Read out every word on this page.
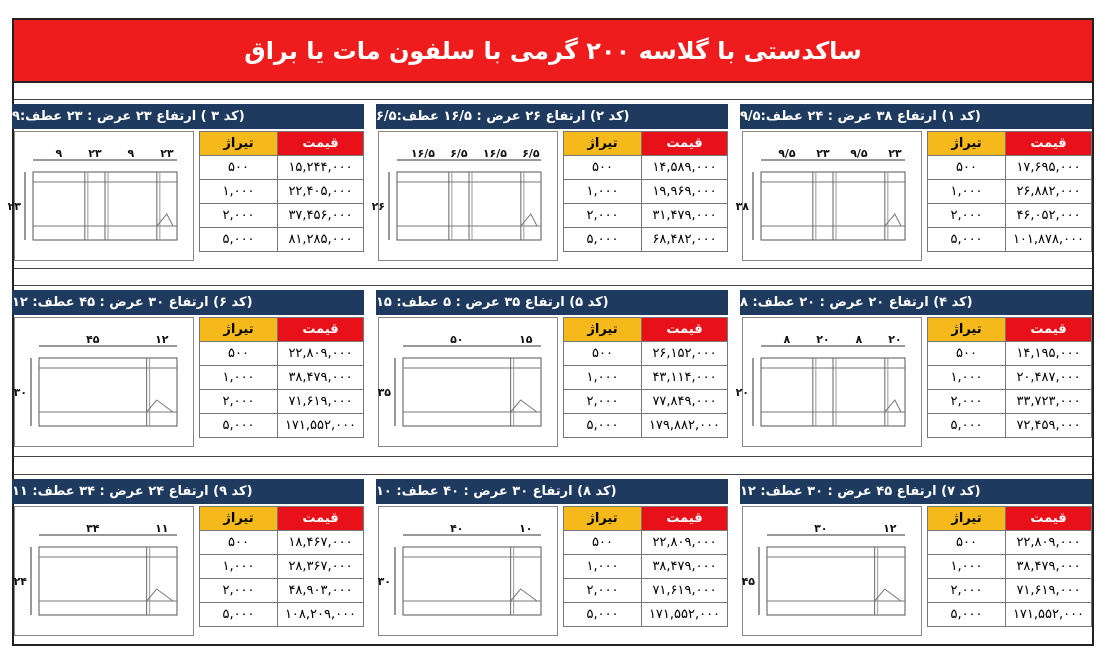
ساکدستی با گلاسه ۲۰۰ گرمی با سلفون مات یا براق
(کد ۱) ارتفاع ۳۸ عرض : ۲۴ عطف:۹/۵
۹/۵ ۲۳ ۹/۵ ۲۳
۳۸
تیراژ	قیمت
۵۰۰	۱۷,۶۹۵,۰۰۰
۱,۰۰۰	۲۶,۸۸۲,۰۰۰
۲,۰۰۰	۴۶,۰۵۲,۰۰۰
۵,۰۰۰	۱۰۱,۸۷۸,۰۰۰
(کد ۲) ارتفاع ۲۶ عرض : ۱۶/۵ عطف:۶/۵
۱۶/۵ ۶/۵ ۱۶/۵ ۶/۵
۲۶
تیراژ	قیمت
۵۰۰	۱۴,۵۸۹,۰۰۰
۱,۰۰۰	۱۹,۹۶۹,۰۰۰
۲,۰۰۰	۳۱,۴۷۹,۰۰۰
۵,۰۰۰	۶۸,۴۸۲,۰۰۰
(کد ۳ ) ارتفاع ۲۳ عرض : ۲۳ عطف:۹
۹ ۲۳ ۹ ۲۳
۲۳
تیراژ	قیمت
۵۰۰	۱۵,۲۴۴,۰۰۰
۱,۰۰۰	۲۲,۴۰۵,۰۰۰
۲,۰۰۰	۳۷,۴۵۶,۰۰۰
۵,۰۰۰	۸۱,۲۸۵,۰۰۰
(کد ۴) ارتفاع ۲۰ عرض : ۲۰ عطف: ۸
۸ ۲۰ ۸ ۲۰
۲۰
تیراژ	قیمت
۵۰۰	۱۴,۱۹۵,۰۰۰
۱,۰۰۰	۲۰,۴۸۷,۰۰۰
۲,۰۰۰	۳۳,۷۲۳,۰۰۰
۵,۰۰۰	۷۲,۴۵۹,۰۰۰
(کد ۵) ارتفاع ۳۵ عرض : ۵ عطف: ۱۵
۵۰	۱۵
۳۵
تیراژ	قیمت
۵۰۰	۲۶,۱۵۲,۰۰۰
۱,۰۰۰	۴۳,۱۱۴,۰۰۰
۲,۰۰۰	۷۷,۸۴۹,۰۰۰
۵,۰۰۰	۱۷۹,۸۸۲,۰۰۰
(کد ۶) ارتفاع ۳۰ عرض : ۴۵ عطف: ۱۲
۴۵	۱۲
۳۰
تیراژ	قیمت
۵۰۰	۲۲,۸۰۹,۰۰۰
۱,۰۰۰	۳۸,۴۷۹,۰۰۰
۲,۰۰۰	۷۱,۶۱۹,۰۰۰
۵,۰۰۰	۱۷۱,۵۵۲,۰۰۰
(کد ۷) ارتفاع ۴۵ عرض : ۳۰ عطف: ۱۲
۳۰	۱۲
۴۵
تیراژ	قیمت
۵۰۰	۲۲,۸۰۹,۰۰۰
۱,۰۰۰	۳۸,۴۷۹,۰۰۰
۲,۰۰۰	۷۱,۶۱۹,۰۰۰
۵,۰۰۰	۱۷۱,۵۵۲,۰۰۰
(کد ۸) ارتفاع ۳۰ عرض : ۴۰ عطف: ۱۰
۴۰	۱۰
۳۰
تیراژ	قیمت
۵۰۰	۲۲,۸۰۹,۰۰۰
۱,۰۰۰	۳۸,۴۷۹,۰۰۰
۲,۰۰۰	۷۱,۶۱۹,۰۰۰
۵,۰۰۰	۱۷۱,۵۵۲,۰۰۰
(کد ۹) ارتفاع ۲۴ عرض : ۳۴ عطف: ۱۱
۳۴	۱۱
۲۴
تیراژ	قیمت
۵۰۰	۱۸,۴۶۷,۰۰۰
۱,۰۰۰	۲۸,۳۶۷,۰۰۰
۲,۰۰۰	۴۸,۹۰۳,۰۰۰
۵,۰۰۰	۱۰۸,۲۰۹,۰۰۰
